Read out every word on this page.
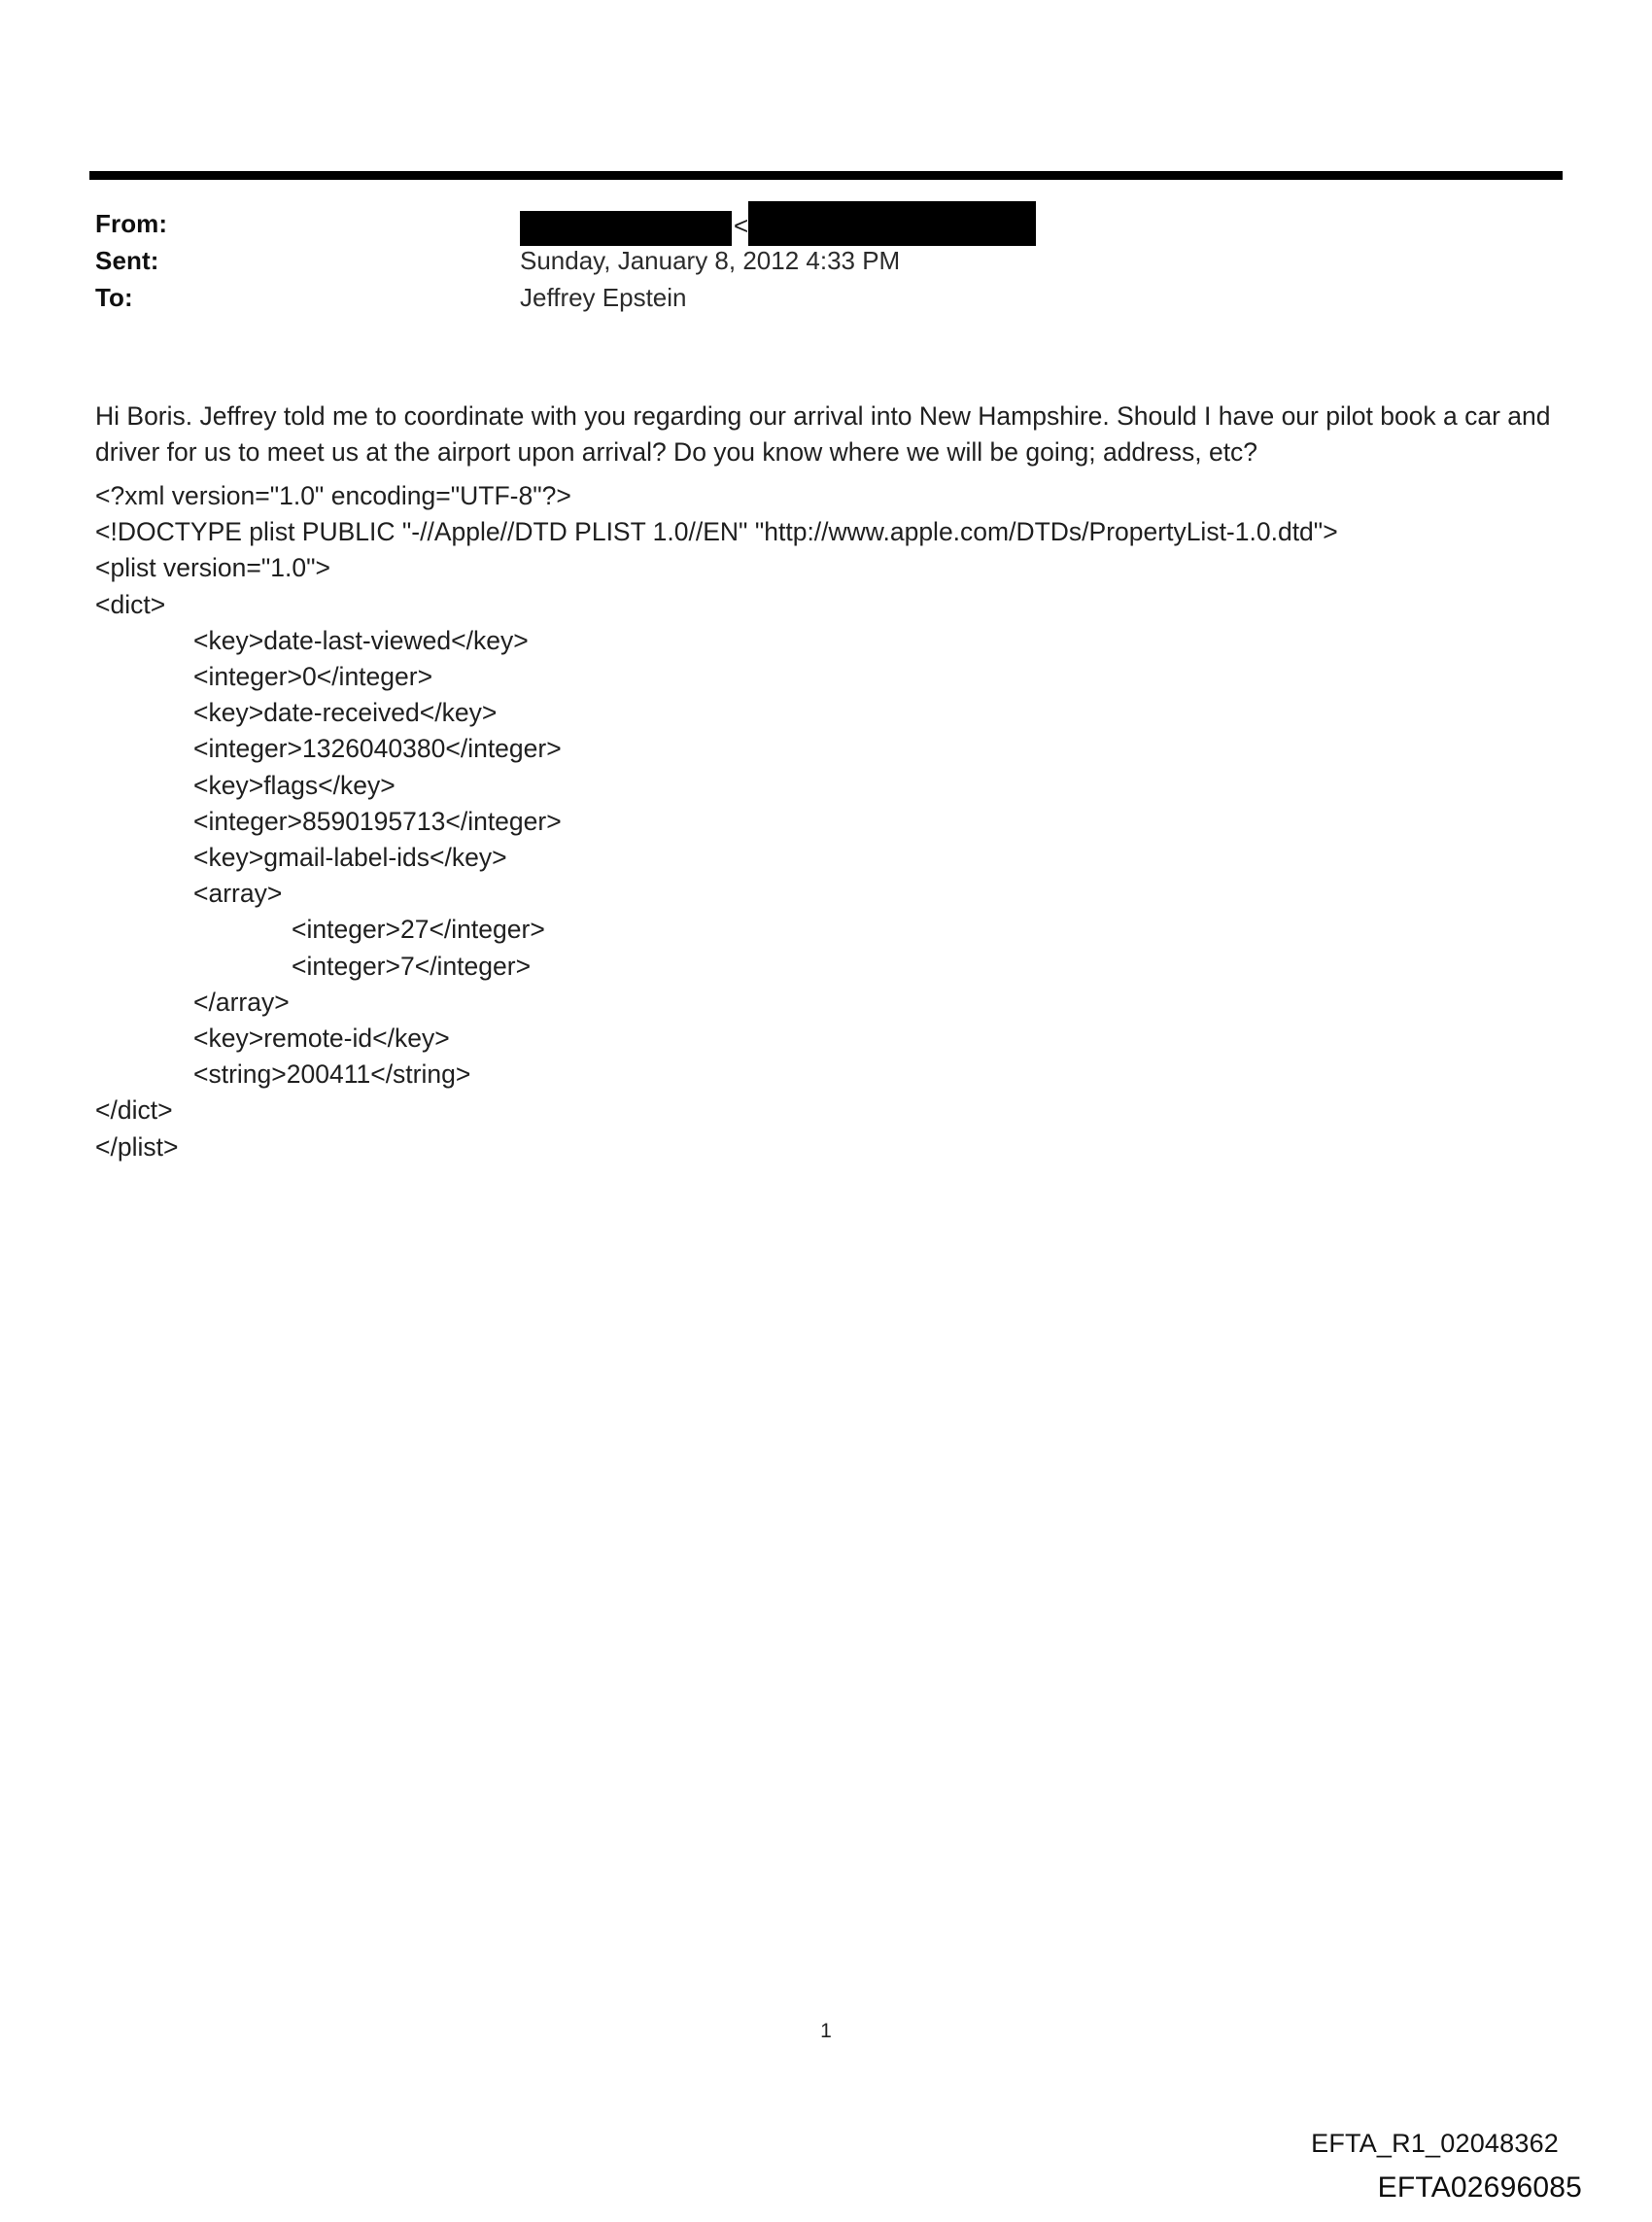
From:	<
Sent:	Sunday, January 8, 2012 4:33 PM
To:	Jeffrey Epstein

Hi Boris. Jeffrey told me to coordinate with you regarding our arrival into New Hampshire. Should I have our pilot book a car and driver for us to meet us at the airport upon arrival? Do you know where we will be going; address, etc?

<?xml version="1.0" encoding="UTF-8"?>
<!DOCTYPE plist PUBLIC "-//Apple//DTD PLIST 1.0//EN" "http://www.apple.com/DTDs/PropertyList-1.0.dtd">
<plist version="1.0">
<dict>
<key>date-last-viewed</key>
<integer>0</integer>
<key>date-received</key>
<integer>1326040380</integer>
<key>flags</key>
<integer>8590195713</integer>
<key>gmail-label-ids</key>
<array>
<integer>27</integer>
<integer>7</integer>
</array>
<key>remote-id</key>
<string>200411</string>
</dict>
</plist>
1
EFTA_R1_02048362
EFTA02696085
